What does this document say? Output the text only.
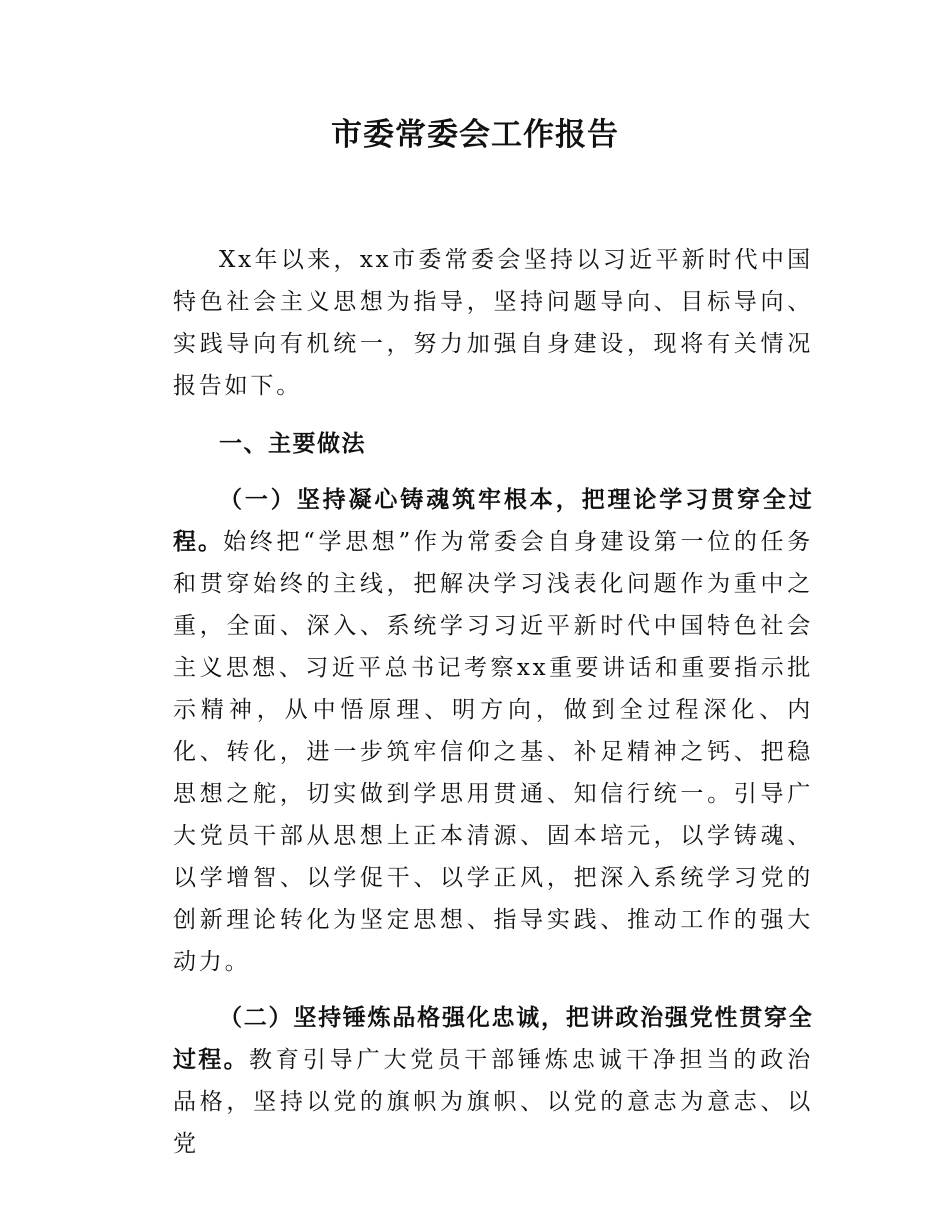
市委常委会工作报告

Xx年以来，xx市委常委会坚持以习近平新时代中国特色社会主义思想为指导，坚持问题导向、目标导向、实践导向有机统一，努力加强自身建设，现将有关情况报告如下。

一、主要做法

（一）坚持凝心铸魂筑牢根本，把理论学习贯穿全过程。始终把“学思想”作为常委会自身建设第一位的任务和贯穿始终的主线，把解决学习浅表化问题作为重中之重，全面、深入、系统学习习近平新时代中国特色社会主义思想、习近平总书记考察xx重要讲话和重要指示批示精神，从中悟原理、明方向，做到全过程深化、内化、转化，进一步筑牢信仰之基、补足精神之钙、把稳思想之舵，切实做到学思用贯通、知信行统一。引导广大党员干部从思想上正本清源、固本培元，以学铸魂、以学增智、以学促干、以学正风，把深入系统学习党的创新理论转化为坚定思想、指导实践、推动工作的强大动力。

（二）坚持锤炼品格强化忠诚，把讲政治强党性贯穿全过程。教育引导广大党员干部锤炼忠诚干净担当的政治品格，坚持以党的旗帜为旗帜、以党的意志为意志、以党
